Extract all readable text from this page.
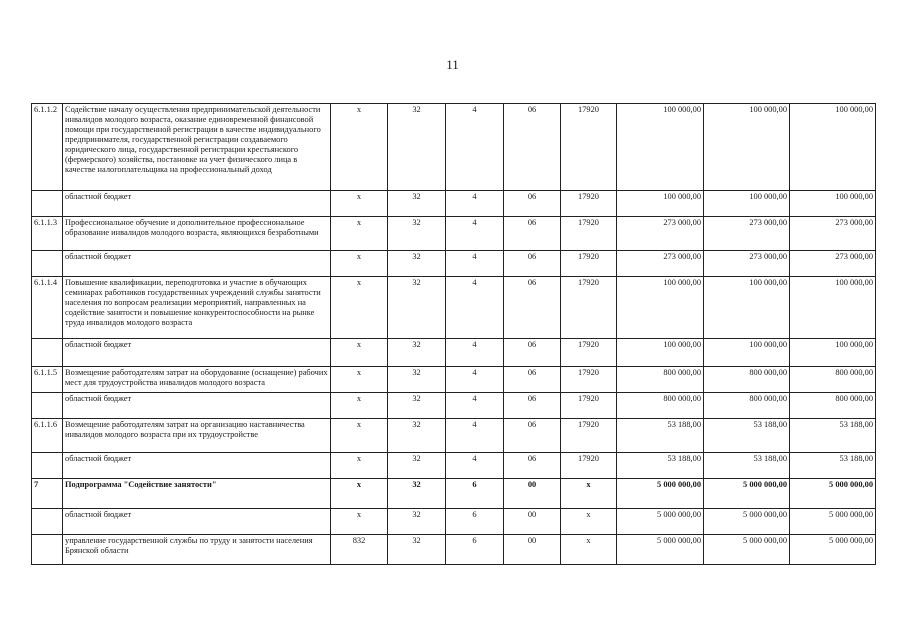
11
6.1.1.2	Содействие началу осуществления предпринимательской деятельности инвалидов молодого возраста, оказание единовременной финансовой помощи при государственной регистрации в качестве индивидуального предпринимателя, государственной регистрации создаваемого юридического лица, государственной регистрации крестьянского (фермерского) хозяйства, постановке на учет физического лица в качестве налогоплательщика на профессиональный доход	х	32	4	06	17920	100 000,00	100 000,00	100 000,00
	областной бюджет	х	32	4	06	17920	100 000,00	100 000,00	100 000,00
6.1.1.3	Профессиональное обучение и дополнительное профессиональное образование инвалидов молодого возраста, являющихся безработными	х	32	4	06	17920	273 000,00	273 000,00	273 000,00
	областной бюджет	х	32	4	06	17920	273 000,00	273 000,00	273 000,00
6.1.1.4	Повышение квалификации, переподготовка и участие в обучающих семинарах работников государственных учреждений службы занятости населения по вопросам реализации мероприятий, направленных на содействие занятости и повышение конкурентоспособности на рынке труда инвалидов молодого возраста	х	32	4	06	17920	100 000,00	100 000,00	100 000,00
	областной бюджет	х	32	4	06	17920	100 000,00	100 000,00	100 000,00
6.1.1.5	Возмещение работодателям затрат на оборудование (оснащение) рабочих мест для трудоустройства инвалидов молодого возраста	х	32	4	06	17920	800 000,00	800 000,00	800 000,00
	областной бюджет	х	32	4	06	17920	800 000,00	800 000,00	800 000,00
6.1.1.6	Возмещение работодателям затрат на организацию наставничества инвалидов молодого возраста при их трудоустройстве	х	32	4	06	17920	53 188,00	53 188,00	53 188,00
	областной бюджет	х	32	4	06	17920	53 188,00	53 188,00	53 188,00
7	Подпрограмма "Содействие занятости"	х	32	6	00	х	5 000 000,00	5 000 000,00	5 000 000,00
	областной бюджет	х	32	6	00	х	5 000 000,00	5 000 000,00	5 000 000,00
	управление государственной службы по труду и занятости населения Брянской области	832	32	6	00	х	5 000 000,00	5 000 000,00	5 000 000,00
